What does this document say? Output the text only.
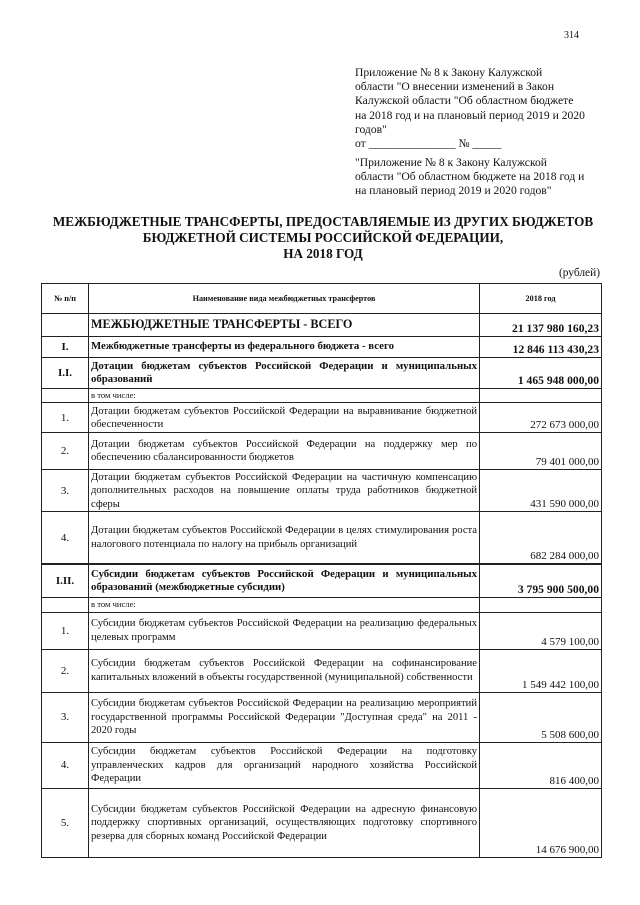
314
Приложение № 8 к Закону Калужской
области "О внесении изменений в Закон
Калужской области "Об областном бюджете
на 2018 год и на плановый период 2019 и 2020
годов"
от _______________ № _____
"Приложение № 8 к Закону Калужской
области "Об областном бюджете на 2018 год и
на плановый период 2019 и 2020 годов"
МЕЖБЮДЖЕТНЫЕ ТРАНСФЕРТЫ, ПРЕДОСТАВЛЯЕМЫЕ ИЗ ДРУГИХ БЮДЖЕТОВ
БЮДЖЕТНОЙ СИСТЕМЫ РОССИЙСКОЙ ФЕДЕРАЦИИ,
НА 2018 ГОД
(рублей)
№ п/п	Наименование вида межбюджетных трансфертов	2018 год
	МЕЖБЮДЖЕТНЫЕ ТРАНСФЕРТЫ - ВСЕГО	21 137 980 160,23
I.	Межбюджетные трансферты из федерального бюджета - всего	12 846 113 430,23
I.I.	Дотации бюджетам субъектов Российской Федерации и муниципальных образований	1 465 948 000,00
	в том числе:	
1.	Дотации бюджетам субъектов Российской Федерации на выравнивание бюджетной обеспеченности	272 673 000,00
2.	Дотации бюджетам субъектов Российской Федерации на поддержку мер по обеспечению сбалансированности бюджетов	79 401 000,00
3.	Дотации бюджетам субъектов Российской Федерации на частичную компенсацию дополнительных расходов на повышение оплаты труда работников бюджетной сферы	431 590 000,00
4.	Дотации бюджетам субъектов Российской Федерации в целях стимулирования роста налогового потенциала по налогу на прибыль организаций	682 284 000,00
I.II.	Субсидии бюджетам субъектов Российской Федерации и муниципальных образований (межбюджетные субсидии)	3 795 900 500,00
	в том числе:	
1.	Субсидии бюджетам субъектов Российской Федерации на реализацию федеральных целевых программ	4 579 100,00
2.	Субсидии бюджетам субъектов Российской Федерации на софинансирование капитальных вложений в объекты государственной (муниципальной) собственности	1 549 442 100,00
3.	Субсидии бюджетам субъектов Российской Федерации на реализацию мероприятий государственной программы Российской Федерации "Доступная среда" на 2011 - 2020 годы	5 508 600,00
4.	Субсидии бюджетам субъектов Российской Федерации на подготовку управленческих кадров для организаций народного хозяйства Российской Федерации	816 400,00
5.	Субсидии бюджетам субъектов Российской Федерации на адресную финансовую поддержку спортивных организаций, осуществляющих подготовку спортивного резерва для сборных команд Российской Федерации	14 676 900,00
